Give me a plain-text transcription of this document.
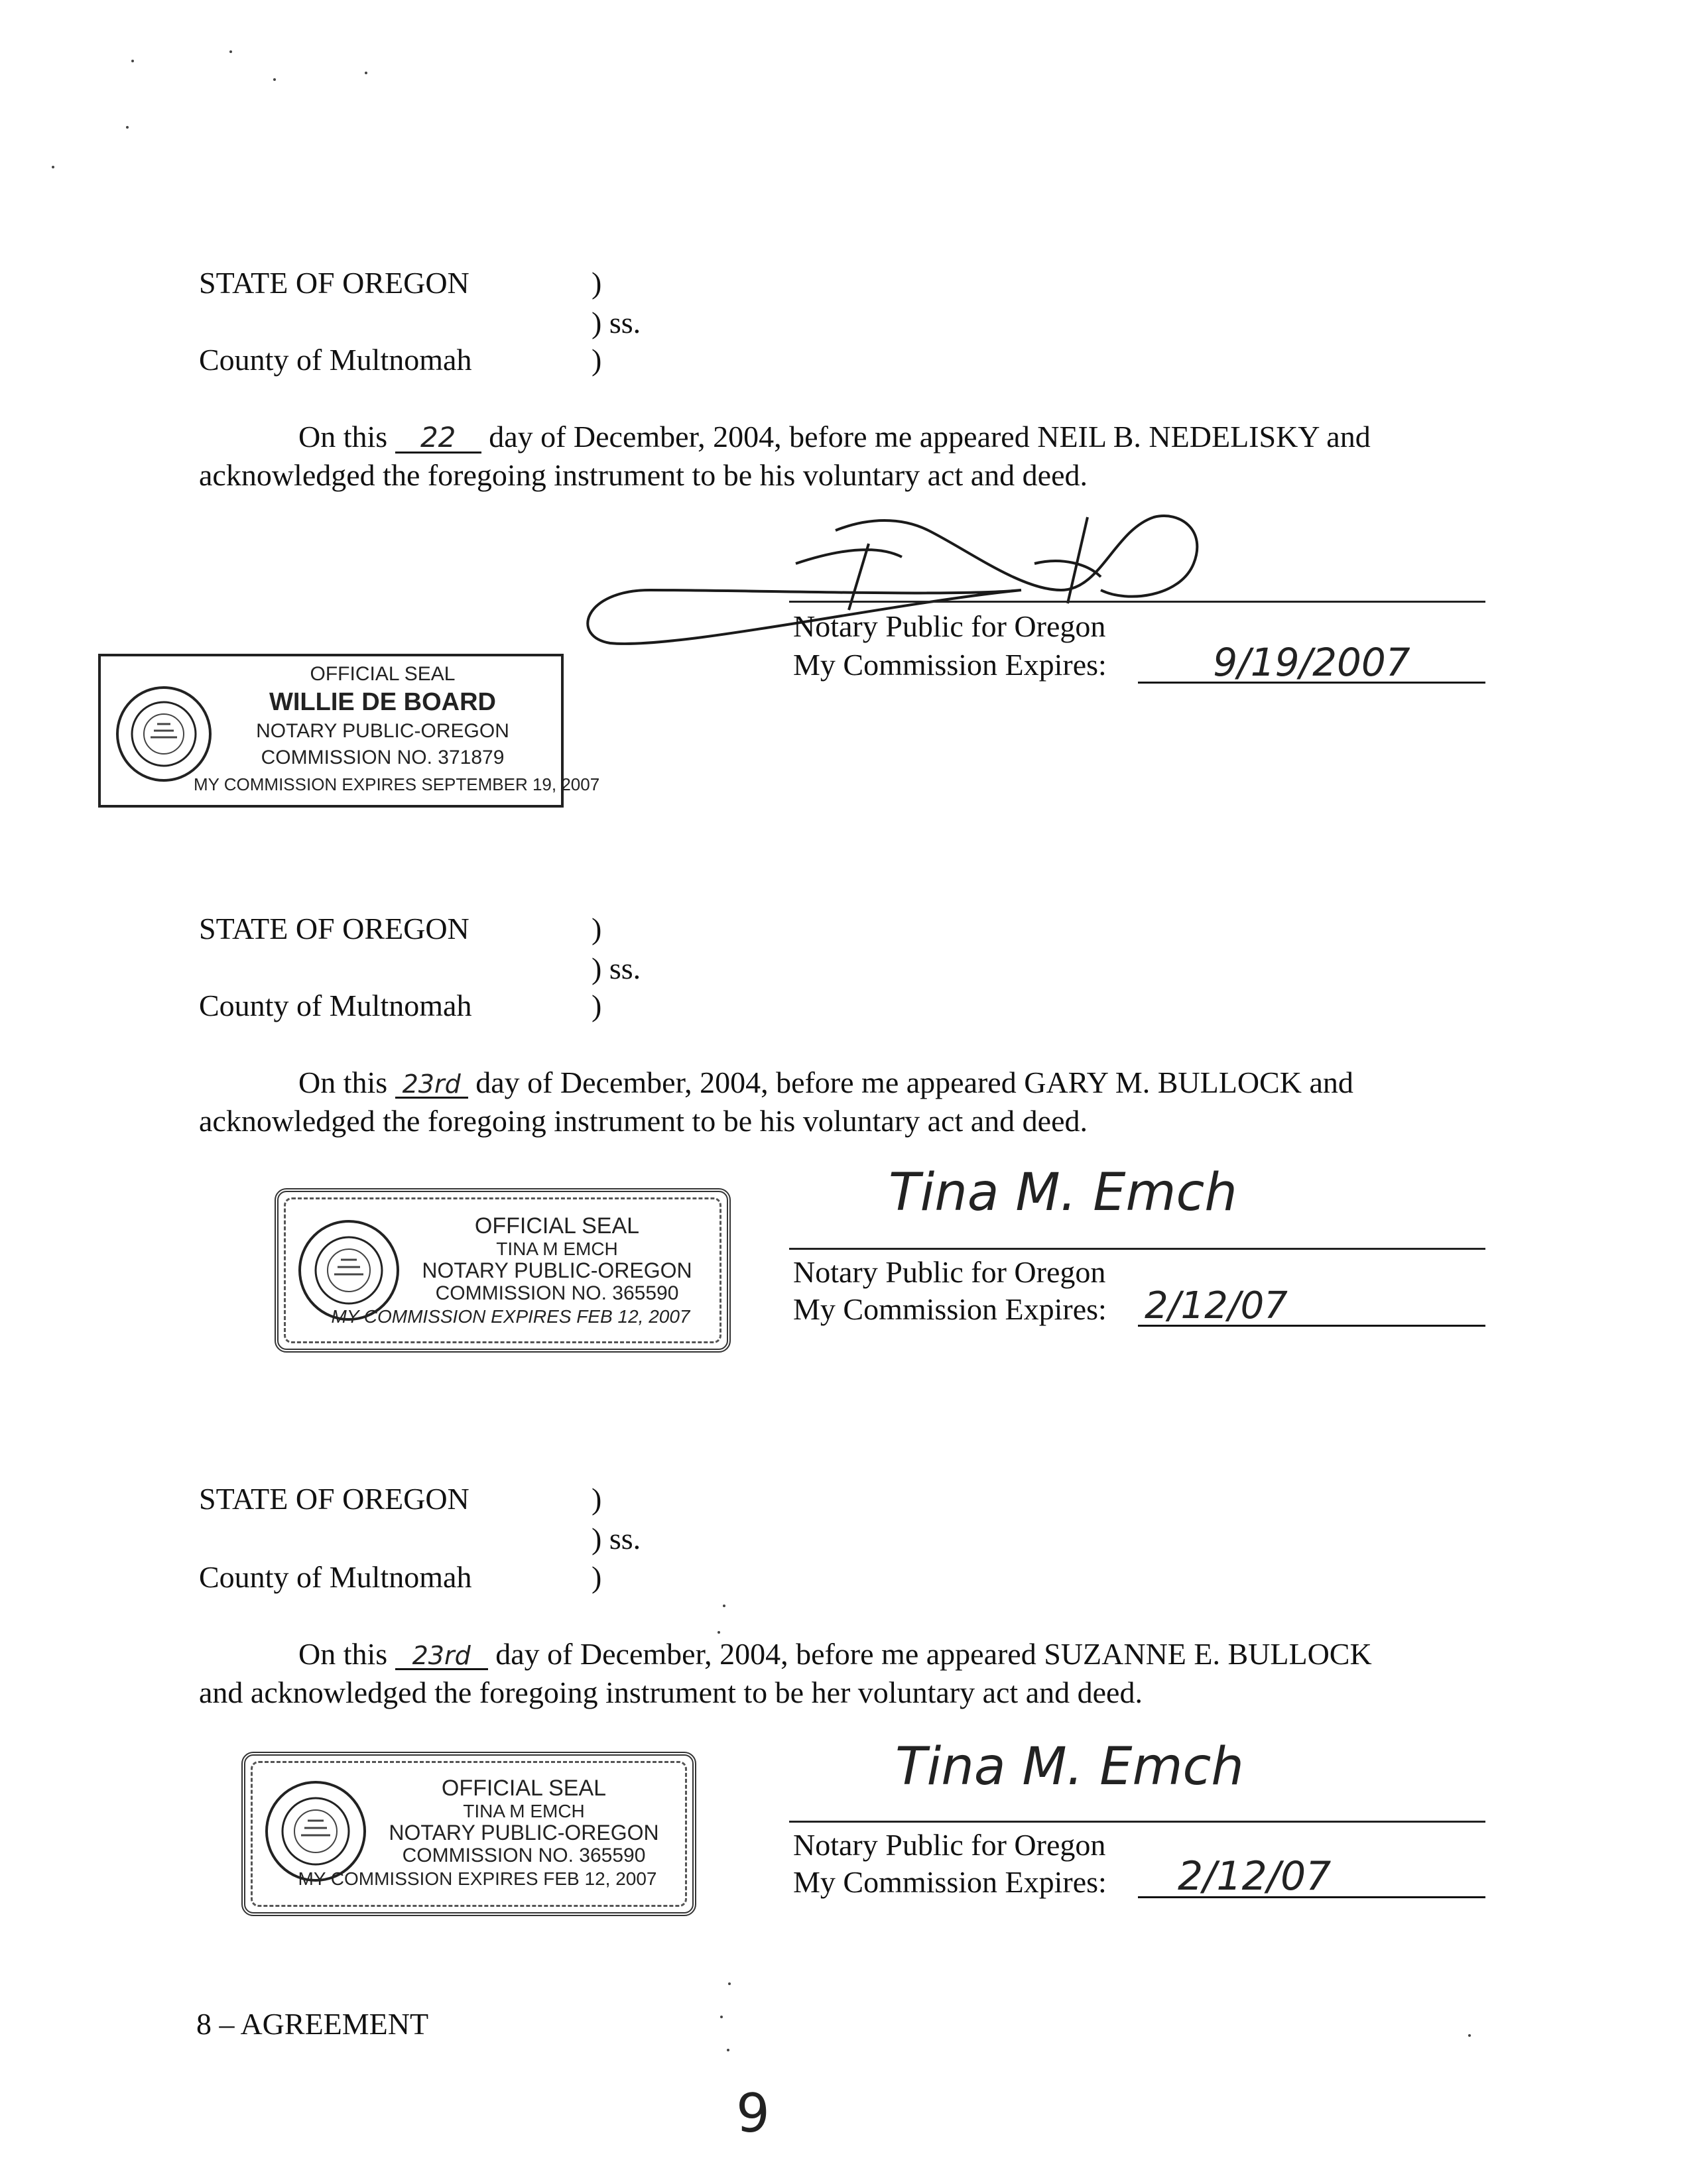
STATE OF OREGON	)
) ss.
County of Multnomah	)
On this 22 day of December, 2004, before me appeared NEIL B. NEDELISKY and
acknowledged the foregoing instrument to be his voluntary act and deed.
Notary Public for Oregon
My Commission Expires:	9/19/2007
OFFICIAL SEAL
WILLIE DE BOARD
NOTARY PUBLIC-OREGON
COMMISSION NO. 371879
MY COMMISSION EXPIRES SEPTEMBER 19, 2007
STATE OF OREGON	)
) ss.
County of Multnomah	)
On this 23rd day of December, 2004, before me appeared GARY M. BULLOCK and
acknowledged the foregoing instrument to be his voluntary act and deed.
Tina M. Emch
Notary Public for Oregon
My Commission Expires: 2/12/07
OFFICIAL SEAL
TINA M EMCH
NOTARY PUBLIC-OREGON
COMMISSION NO. 365590
MY COMMISSION EXPIRES FEB 12, 2007
STATE OF OREGON	)
) ss.
County of Multnomah	)
On this 23rd day of December, 2004, before me appeared SUZANNE E. BULLOCK
and acknowledged the foregoing instrument to be her voluntary act and deed.
Tina M. Emch
Notary Public for Oregon
My Commission Expires:	2/12/07
OFFICIAL SEAL
TINA M EMCH
NOTARY PUBLIC-OREGON
COMMISSION NO. 365590
MY COMMISSION EXPIRES FEB 12, 2007
8 – AGREEMENT
9
